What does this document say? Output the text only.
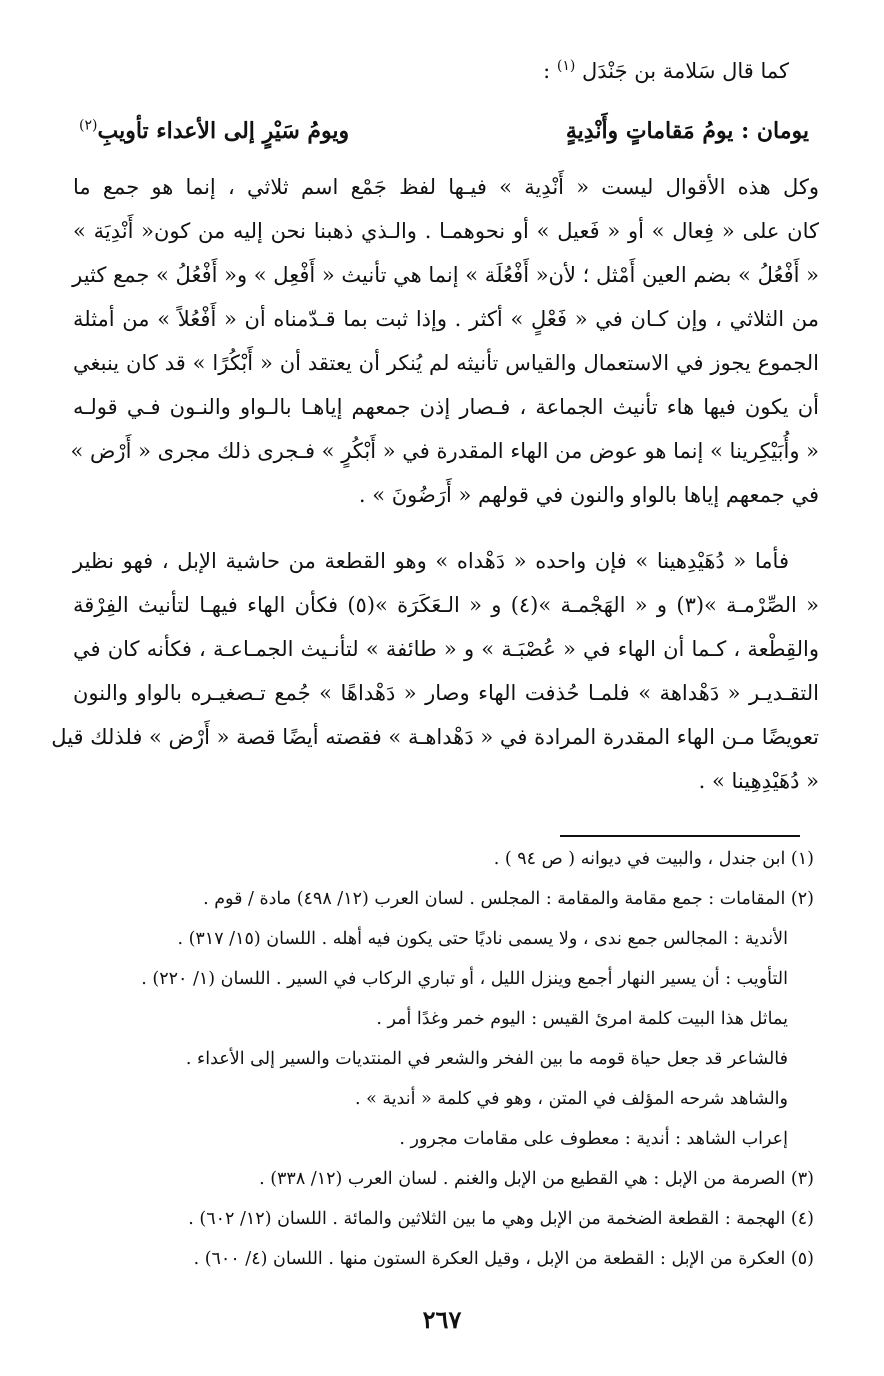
كما قال سَلامة بن جَنْدَل $^{(١)}$ :
يومان : يومُ مَقاماتٍ وأَنْدِيةٍ
ويومُ سَيْرٍ إلى الأعداء تأويبِ$^{(٢)}$
وكل هذه الأقوال ليست « أَنْدِية » فيـها لفظ جَمْع اسم ثلاثي ، إنما هو جمع ما
كان على « فِعال » أو « فَعيل » أو نحوهمـا . والـذي ذهبنا نحن إليه من كون« أَنْدِيَة »
« أَفْعُلُ » بضم العين أَمْثل ؛ لأن« أَفْعُلَة » إنما هي تأنيث « أَفْعِل » و« أَفْعُلُ » جمع كثير
من الثلاثي ، وإن كـان في « فَعْلٍ » أكثر . وإذا ثبت بما قـدّمناه أن « أَفْعُلاً » من أمثلة
الجموع يجوز في الاستعمال والقياس تأنيثه لم يُنكر أن يعتقد أن « أَبْكُرًا » قد كان ينبغي
أن يكون فيها هاء تأنيث الجماعة ، فـصار إذن جمعهم إياهـا بالـواو والنـون فـي قولـه
« وأُبَيْكِرينا » إنما هو عوض من الهاء المقدرة في « أَبْكُرٍ » فـجرى ذلك مجرى « أَرْض »
في جمعهم إياها بالواو والنون في قولهم « أَرَضُونَ » .
فأما « دُهَيْدِهينا » فإن واحده « دَهْداه » وهو القطعة من حاشية الإبل ، فهو نظير
« الصِّرْمـة »(٣) و « الهَجْمـة »(٤) و « الـعَكَرَة »(٥) فكأن الهاء فيهـا لتأنيث الفِرْقة
والقِطْعة ، كـما أن الهاء في « عُصْبَـة » و « طائفة » لتأنـيث الجمـاعـة ، فكأنه كان في
التقـديـر « دَهْداهة » فلمـا حُذفت الهاء وصار « دَهْداهًا » جُمع تـصغيـره بالواو والنون
تعويضًا مـن الهاء المقدرة المرادة في « دَهْداهـة » فقصته أيضًا قصة « أَرْض » فلذلك قيل
« دُهَيْدِهِينا » .
(١) ابن جندل ، والبيت في ديوانه ( ص ٩٤ ) .
(٢) المقامات : جمع مقامة والمقامة : المجلس . لسان العرب (١٢/ ٤٩٨) مادة / قوم .
الأندية : المجالس جمع ندى ، ولا يسمى ناديًا حتى يكون فيه أهله . اللسان (١٥/ ٣١٧) .
التأويب : أن يسير النهار أجمع وينزل الليل ، أو تباري الركاب في السير . اللسان (١/ ٢٢٠) .
يماثل هذا البيت كلمة امرئ القيس : اليوم خمر وغدًا أمر .
فالشاعر قد جعل حياة قومه ما بين الفخر والشعر في المنتديات والسير إلى الأعداء .
والشاهد شرحه المؤلف في المتن ، وهو في كلمة « أندية » .
إعراب الشاهد : أندية : معطوف على مقامات مجرور .
(٣) الصرمة من الإبل : هي القطيع من الإبل والغنم . لسان العرب (١٢/ ٣٣٨) .
(٤) الهجمة : القطعة الضخمة من الإبل وهي ما بين الثلاثين والمائة . اللسان (١٢/ ٦٠٢) .
(٥) العكرة من الإبل : القطعة من الإبل ، وقيل العكرة الستون منها . اللسان (٤/ ٦٠٠) .
٢٦٧
